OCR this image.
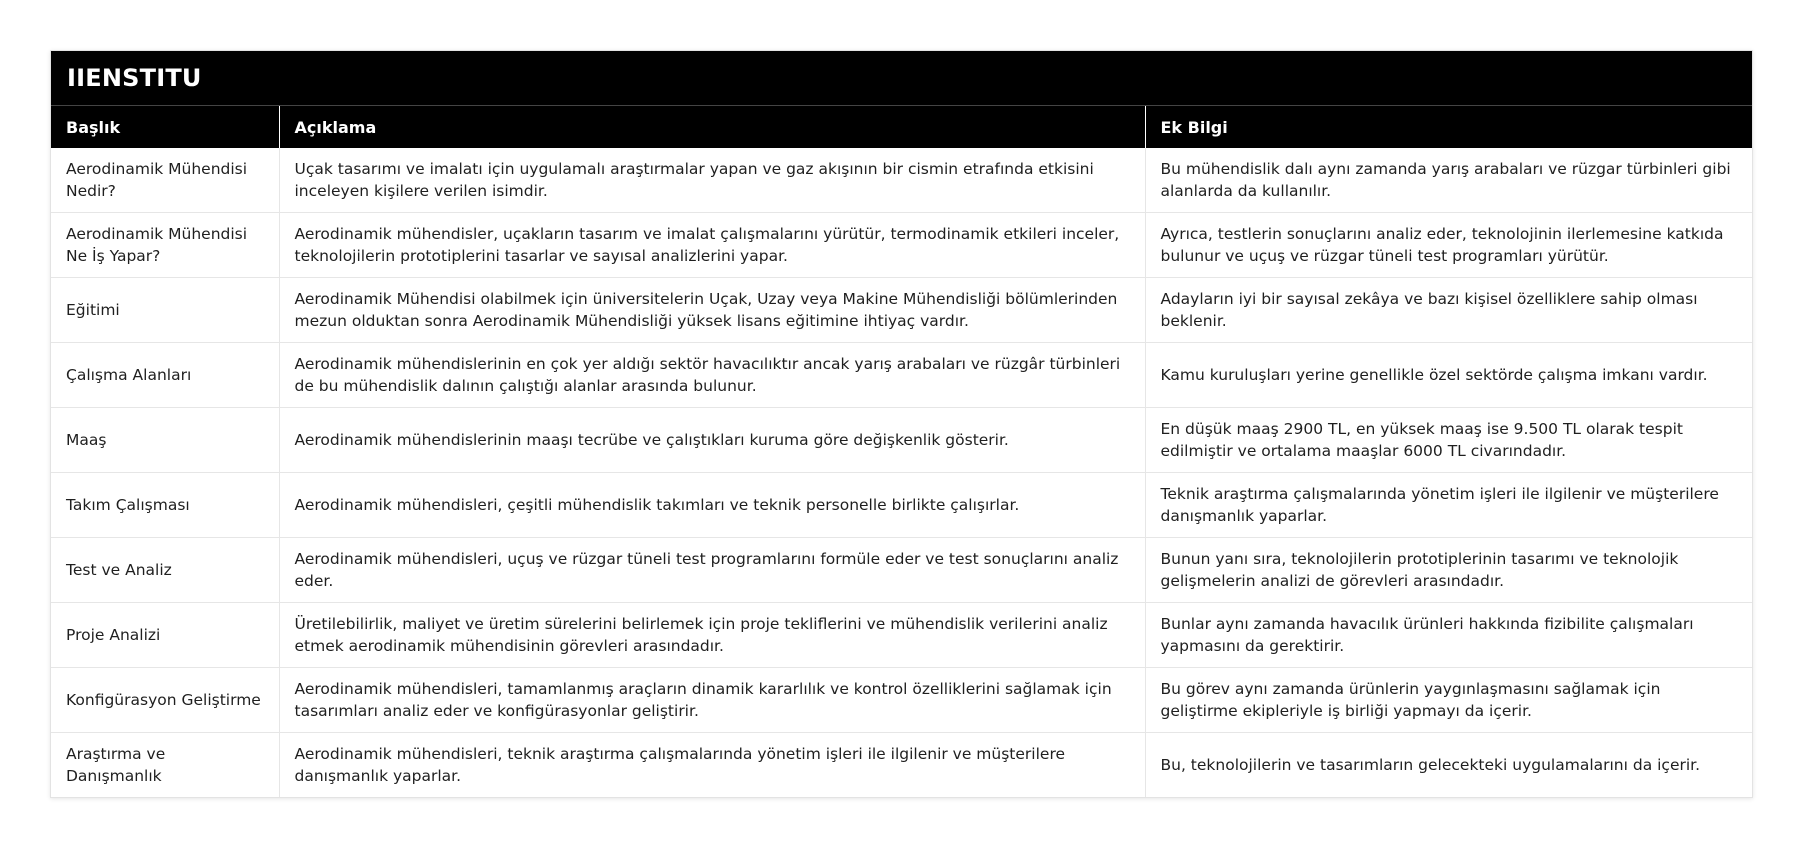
IIENSTITU
Başlık	Açıklama	Ek Bilgi
Aerodinamik Mühendisi Nedir?	Uçak tasarımı ve imalatı için uygulamalı araştırmalar yapan ve gaz akışının bir cismin etrafında etkisini inceleyen kişilere verilen isimdir.	Bu mühendislik dalı aynı zamanda yarış arabaları ve rüzgar türbinleri gibi alanlarda da kullanılır.
Aerodinamik Mühendisi Ne İş Yapar?	Aerodinamik mühendisler, uçakların tasarım ve imalat çalışmalarını yürütür, termodinamik etkileri inceler, teknolojilerin prototiplerini tasarlar ve sayısal analizlerini yapar.	Ayrıca, testlerin sonuçlarını analiz eder, teknolojinin ilerlemesine katkıda bulunur ve uçuş ve rüzgar tüneli test programları yürütür.
Eğitimi	Aerodinamik Mühendisi olabilmek için üniversitelerin Uçak, Uzay veya Makine Mühendisliği bölümlerinden mezun olduktan sonra Aerodinamik Mühendisliği yüksek lisans eğitimine ihtiyaç vardır.	Adayların iyi bir sayısal zekâya ve bazı kişisel özelliklere sahip olması beklenir.
Çalışma Alanları	Aerodinamik mühendislerinin en çok yer aldığı sektör havacılıktır ancak yarış arabaları ve rüzgâr türbinleri de bu mühendislik dalının çalıştığı alanlar arasında bulunur.	Kamu kuruluşları yerine genellikle özel sektörde çalışma imkanı vardır.
Maaş	Aerodinamik mühendislerinin maaşı tecrübe ve çalıştıkları kuruma göre değişkenlik gösterir.	En düşük maaş 2900 TL, en yüksek maaş ise 9.500 TL olarak tespit edilmiştir ve ortalama maaşlar 6000 TL civarındadır.
Takım Çalışması	Aerodinamik mühendisleri, çeşitli mühendislik takımları ve teknik personelle birlikte çalışırlar.	Teknik araştırma çalışmalarında yönetim işleri ile ilgilenir ve müşterilere danışmanlık yaparlar.
Test ve Analiz	Aerodinamik mühendisleri, uçuş ve rüzgar tüneli test programlarını formüle eder ve test sonuçlarını analiz eder.	Bunun yanı sıra, teknolojilerin prototiplerinin tasarımı ve teknolojik gelişmelerin analizi de görevleri arasındadır.
Proje Analizi	Üretilebilirlik, maliyet ve üretim sürelerini belirlemek için proje tekliflerini ve mühendislik verilerini analiz etmek aerodinamik mühendisinin görevleri arasındadır.	Bunlar aynı zamanda havacılık ürünleri hakkında fizibilite çalışmaları yapmasını da gerektirir.
Konfigürasyon Geliştirme	Aerodinamik mühendisleri, tamamlanmış araçların dinamik kararlılık ve kontrol özelliklerini sağlamak için tasarımları analiz eder ve konfigürasyonlar geliştirir.	Bu görev aynı zamanda ürünlerin yaygınlaşmasını sağlamak için geliştirme ekipleriyle iş birliği yapmayı da içerir.
Araştırma ve Danışmanlık	Aerodinamik mühendisleri, teknik araştırma çalışmalarında yönetim işleri ile ilgilenir ve müşterilere danışmanlık yaparlar.	Bu, teknolojilerin ve tasarımların gelecekteki uygulamalarını da içerir.
